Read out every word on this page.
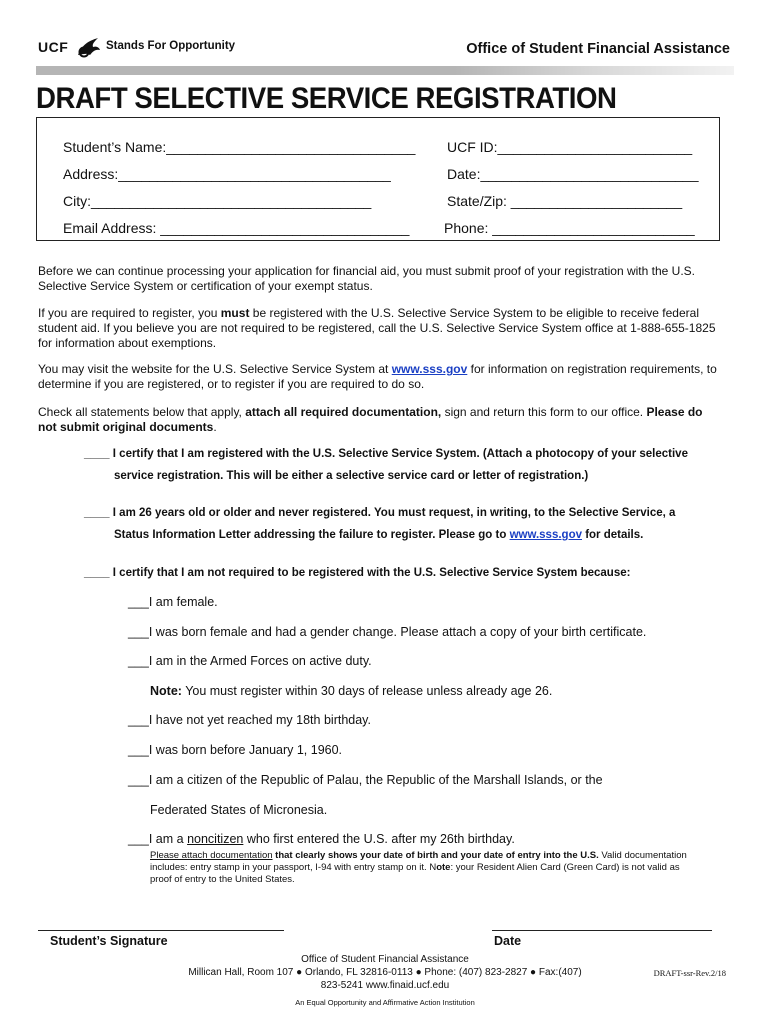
UCF	Stands For Opportunity	Office of Student Financial Assistance
DRAFT SELECTIVE SERVICE REGISTRATION
Student’s Name:________________________________ UCF ID:_________________________
Address:___________________________________	Date:____________________________
City:____________________________________	State/Zip: ______________________
Email Address: ________________________________ Phone: __________________________
Before we can continue processing your application for financial aid, you must submit proof of your registration with the U.S. Selective Service System or certification of your exempt status.
If you are required to register, you must be registered with the U.S. Selective Service System to be eligible to receive federal student aid. If you believe you are not required to be registered, call the U.S. Selective Service System office at 1-888-655-1825 for information about exemptions.
You may visit the website for the U.S. Selective Service System at www.sss.gov for information on registration requirements, to determine if you are registered, or to register if you are required to do so.
Check all statements below that apply, attach all required documentation, sign and return this form to our office. Please do not submit original documents.
____ I certify that I am registered with the U.S. Selective Service System. (Attach a photocopy of your selective
service registration. This will be either a selective service card or letter of registration.)
____ I am 26 years old or older and never registered. You must request, in writing, to the Selective Service, a
Status Information Letter addressing the failure to register. Please go to www.sss.gov for details.
____ I certify that I am not required to be registered with the U.S. Selective Service System because:
___I am female.
___I was born female and had a gender change. Please attach a copy of your birth certificate.
___I am in the Armed Forces on active duty.
Note: You must register within 30 days of release unless already age 26.
___I have not yet reached my 18th birthday.
___I was born before January 1, 1960.
___I am a citizen of the Republic of Palau, the Republic of the Marshall Islands, or the
Federated States of Micronesia.
___I am a noncitizen who first entered the U.S. after my 26th birthday.
Please attach documentation that clearly shows your date of birth and your date of entry into the U.S. Valid documentation includes: entry stamp in your passport, I-94 with entry stamp on it. Note: your Resident Alien Card (Green Card) is not valid as proof of entry to the United States.
Student’s Signature	Date
Office of Student Financial Assistance
Millican Hall, Room 107 ● Orlando, FL 32816-0113 ● Phone: (407) 823-2827 ● Fax:(407)
823-5241 www.finaid.ucf.edu
DRAFT-ssr-Rev.2/18
An Equal Opportunity and Affirmative Action Institution
